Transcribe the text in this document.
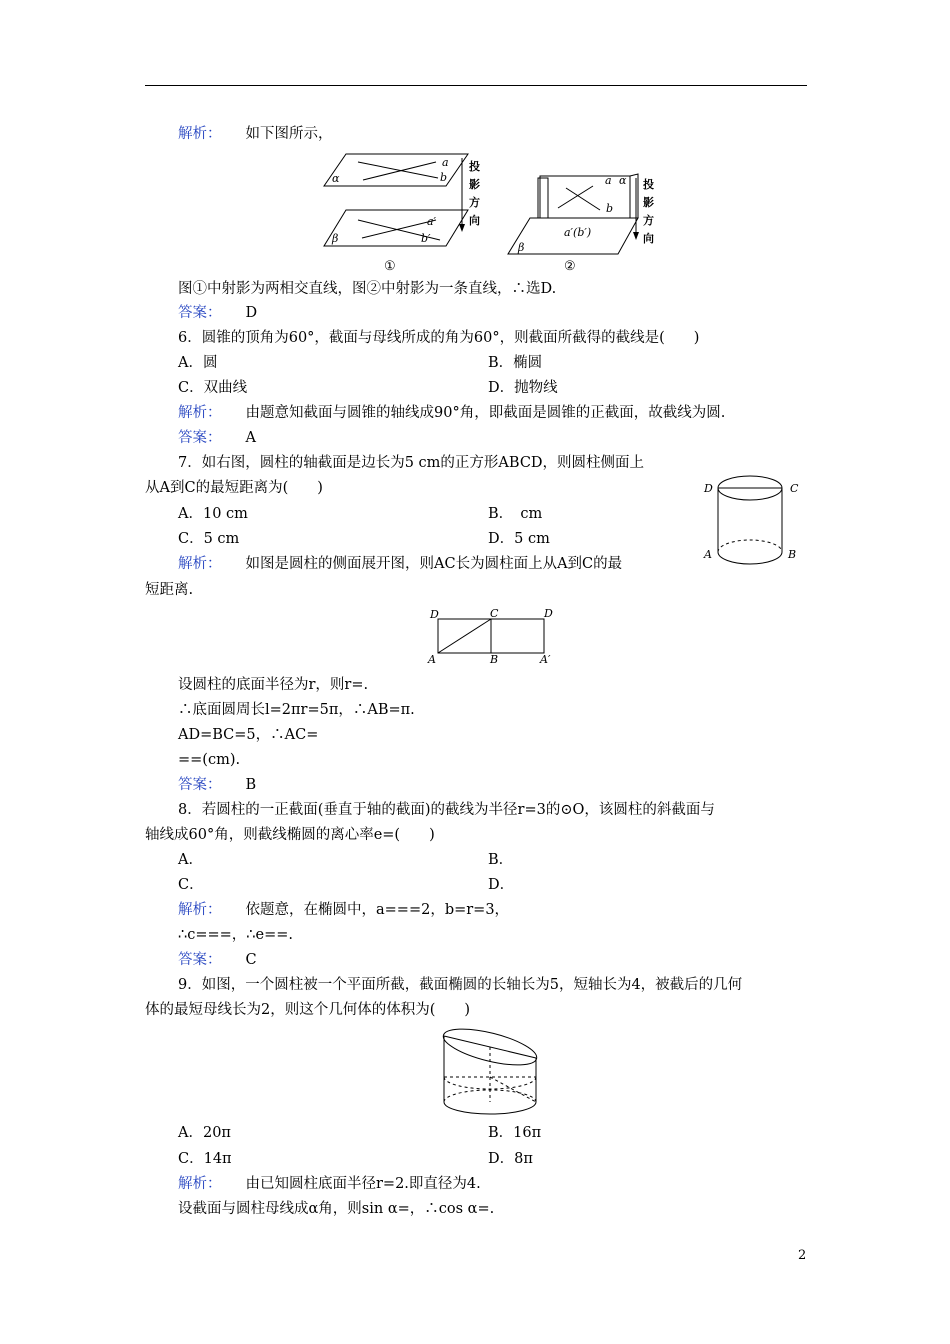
解析： 如下图所示，
a
b
α
a′
b′
β
投
影
方
向
①
a α
b
a′(b′)
β
投
影
方
向
②
图①中射影为两相交直线，图②中射影为一条直线，∴选D.
答案： D
6．圆锥的顶角为60°，截面与母线所成的角为60°，则截面所截得的截线是(　　)
A．圆	B．椭圆
C．双曲线	D．抛物线
解析： 由题意知截面与圆锥的轴线成90°角，即截面是圆锥的正截面，故截线为圆.
答案： A
7．如右图，圆柱的轴截面是边长为5 cm的正方形ABCD，则圆柱侧面上
从A到C的最短距离为(　　)
A．10 cm	B．　cm
C．5 cm	D．5 cm
解析： 如图是圆柱的侧面展开图，则AC长为圆柱面上从A到C的最
短距离.
D	C
A	B
D	C	D
A	B	A′
设圆柱的底面半径为r，则r=.
∴底面圆周长l=2πr=5π，∴AB=π.
AD=BC=5，∴AC=
==(cm).
答案： B
8．若圆柱的一正截面(垂直于轴的截面)的截线为半径r=3的⊙O，该圆柱的斜截面与
轴线成60°角，则截线椭圆的离心率e=(　　)
A．	B．
C．	D．
解析： 依题意，在椭圆中，a===2，b=r=3，
∴c===，∴e==.
答案： C
9．如图，一个圆柱被一个平面所截，截面椭圆的长轴长为5，短轴长为4，被截后的几何
体的最短母线长为2，则这个几何体的体积为(　　)
A．20π	B．16π
C．14π	D．8π
解析： 由已知圆柱底面半径r=2.即直径为4.
设截面与圆柱母线成α角，则sin α=，∴cos α=.
2
